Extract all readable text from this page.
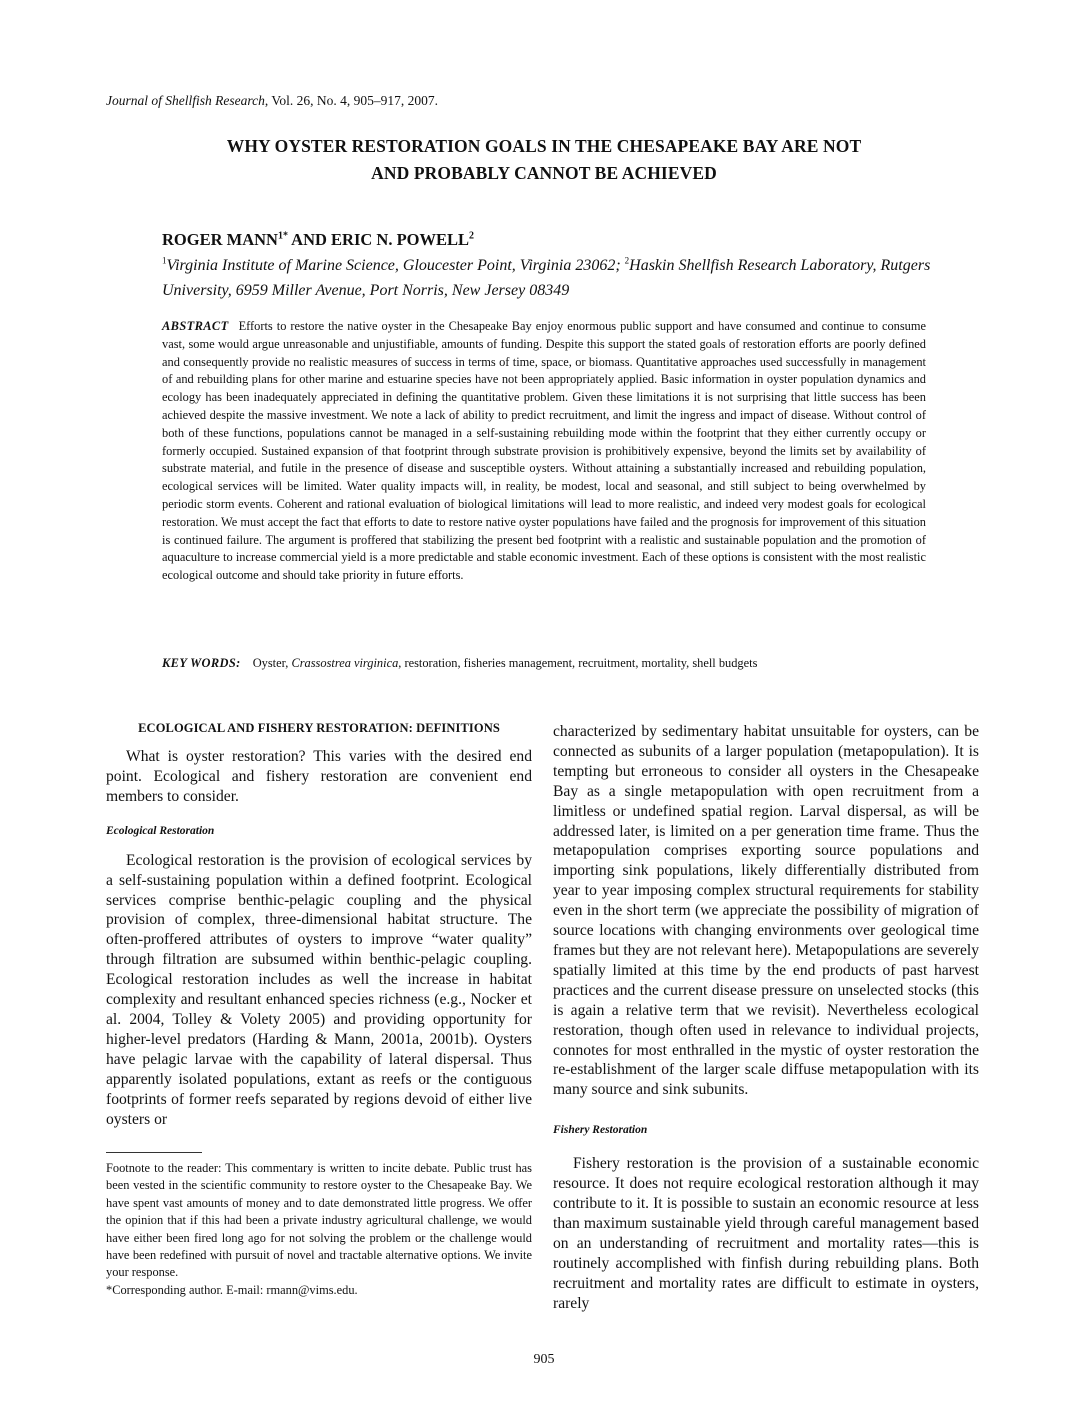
Journal of Shellfish Research, Vol. 26, No. 4, 905–917, 2007.
WHY OYSTER RESTORATION GOALS IN THE CHESAPEAKE BAY ARE NOT
AND PROBABLY CANNOT BE ACHIEVED
ROGER $MANN^{1*}$ AND ERIC N. POWELL$^2$
$^1$Virginia Institute of Marine Science, Gloucester Point, Virginia 23062; $^2$Haskin Shellfish Research Laboratory, Rutgers University, 6959 Miller Avenue, Port Norris, New Jersey 08349
ABSTRACT Efforts to restore the native oyster in the Chesapeake Bay enjoy enormous public support and have consumed and continue to consume vast, some would argue unreasonable and unjustifiable, amounts of funding. Despite this support the stated goals of restoration efforts are poorly defined and consequently provide no realistic measures of success in terms of time, space, or biomass. Quantitative approaches used successfully in management of and rebuilding plans for other marine and estuarine species have not been appropriately applied. Basic information in oyster population dynamics and ecology has been inadequately appreciated in defining the quantitative problem. Given these limitations it is not surprising that little success has been achieved despite the massive investment. We note a lack of ability to predict recruitment, and limit the ingress and impact of disease. Without control of both of these functions, populations cannot be managed in a self-sustaining rebuilding mode within the footprint that they either currently occupy or formerly occupied. Sustained expansion of that footprint through substrate provision is prohibitively expensive, beyond the limits set by availability of substrate material, and futile in the presence of disease and susceptible oysters. Without attaining a substantially increased and rebuilding population, ecological services will be limited. Water quality impacts will, in reality, be modest, local and seasonal, and still subject to being overwhelmed by periodic storm events. Coherent and rational evaluation of biological limitations will lead to more realistic, and indeed very modest goals for ecological restoration. We must accept the fact that efforts to date to restore native oyster populations have failed and the prognosis for improvement of this situation is continued failure. The argument is proffered that stabilizing the present bed footprint with a realistic and sustainable population and the promotion of aquaculture to increase commercial yield is a more predictable and stable economic investment. Each of these options is consistent with the most realistic ecological outcome and should take priority in future efforts.
KEY WORDS: Oyster, Crassostrea virginica, restoration, fisheries management, recruitment, mortality, shell budgets
ECOLOGICAL AND FISHERY RESTORATION: DEFINITIONS

What is oyster restoration? This varies with the desired end point. Ecological and fishery restoration are convenient end members to consider.

Ecological Restoration

Ecological restoration is the provision of ecological services by a self-sustaining population within a defined footprint. Ecological services comprise benthic-pelagic coupling and the physical provision of complex, three-dimensional habitat structure. The often-proffered attributes of oysters to improve “water quality” through filtration are subsumed within benthic-pelagic coupling. Ecological restoration includes as well the increase in habitat complexity and resultant enhanced species richness (e.g., Nocker et al. 2004, Tolley & Volety 2005) and providing opportunity for higher-level predators (Harding & Mann, 2001a, 2001b). Oysters have pelagic larvae with the capability of lateral dispersal. Thus apparently isolated populations, extant as reefs or the contiguous footprints of former reefs separated by regions devoid of either live oysters or

Footnote to the reader: This commentary is written to incite debate. Public trust has been vested in the scientific community to restore oyster to the Chesapeake Bay. We have spent vast amounts of money and to date demonstrated little progress. We offer the opinion that if this had been a private industry agricultural challenge, we would have either been fired long ago for not solving the problem or the challenge would have been redefined with pursuit of novel and tractable alternative options. We invite your response.

*Corresponding author. E-mail: rmann@vims.edu.

characterized by sedimentary habitat unsuitable for oysters, can be connected as subunits of a larger population (metapopulation). It is tempting but erroneous to consider all oysters in the Chesapeake Bay as a single metapopulation with open recruitment from a limitless or undefined spatial region. Larval dispersal, as will be addressed later, is limited on a per generation time frame. Thus the metapopulation comprises exporting source populations and importing sink populations, likely differentially distributed from year to year imposing complex structural requirements for stability even in the short term (we appreciate the possibility of migration of source locations with changing environments over geological time frames but they are not relevant here). Metapopulations are severely spatially limited at this time by the end products of past harvest practices and the current disease pressure on unselected stocks (this is again a relative term that we revisit). Nevertheless ecological restoration, though often used in relevance to individual projects, connotes for most enthralled in the mystic of oyster restoration the re-establishment of the larger scale diffuse metapopulation with its many source and sink subunits.

Fishery Restoration

Fishery restoration is the provision of a sustainable economic resource. It does not require ecological restoration although it may contribute to it. It is possible to sustain an economic resource at less than maximum sustainable yield through careful management based on an understanding of recruitment and mortality rates—this is routinely accomplished with finfish during rebuilding plans. Both recruitment and mortality rates are difficult to estimate in oysters, rarely

905
